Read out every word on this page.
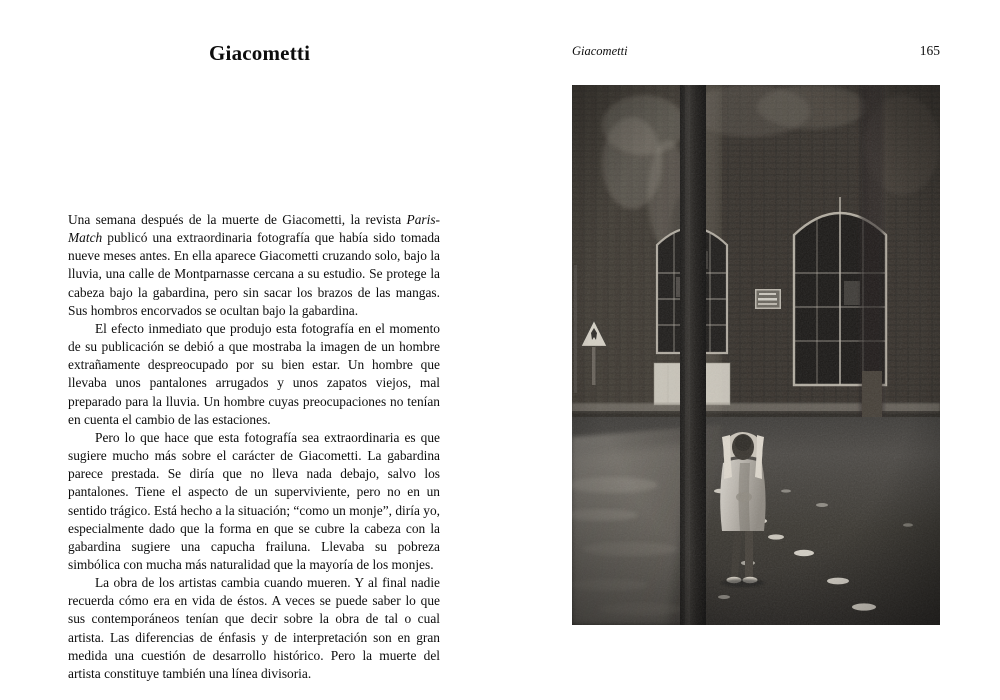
Giacometti

Una semana después de la muerte de Giacometti, la revista Paris-Match publicó una extraordinaria fotografía que había sido tomada nueve meses antes. En ella aparece Giacometti cruzando solo, bajo la lluvia, una calle de Montparnasse cercana a su estudio. Se protege la cabeza bajo la gabardina, pero sin sacar los brazos de las mangas. Sus hombros encorvados se ocultan bajo la gabardina.

El efecto inmediato que produjo esta fotografía en el momento de su publicación se debió a que mostraba la imagen de un hombre extrañamente despreocupado por su bien estar. Un hombre que llevaba unos pantalones arrugados y unos zapatos viejos, mal preparado para la lluvia. Un hombre cuyas preocupaciones no tenían en cuenta el cambio de las estaciones.

Pero lo que hace que esta fotografía sea extraordinaria es que sugiere mucho más sobre el carácter de Giacometti. La gabardina parece prestada. Se diría que no lleva nada debajo, salvo los pantalones. Tiene el aspecto de un superviviente, pero no en un sentido trágico. Está hecho a la situación; “como un monje”, diría yo, especialmente dado que la forma en que se cubre la cabeza con la gabardina sugiere una capucha frailuna. Llevaba su pobreza simbólica con mucha más naturalidad que la mayoría de los monjes.

La obra de los artistas cambia cuando mueren. Y al final nadie recuerda cómo era en vida de éstos. A veces se puede saber lo que sus contemporáneos tenían que decir sobre la obra de tal o cual artista. Las diferencias de énfasis y de interpretación son en gran medida una cuestión de desarrollo histórico. Pero la muerte del artista constituye también una línea divisoria.

Giacometti	165
